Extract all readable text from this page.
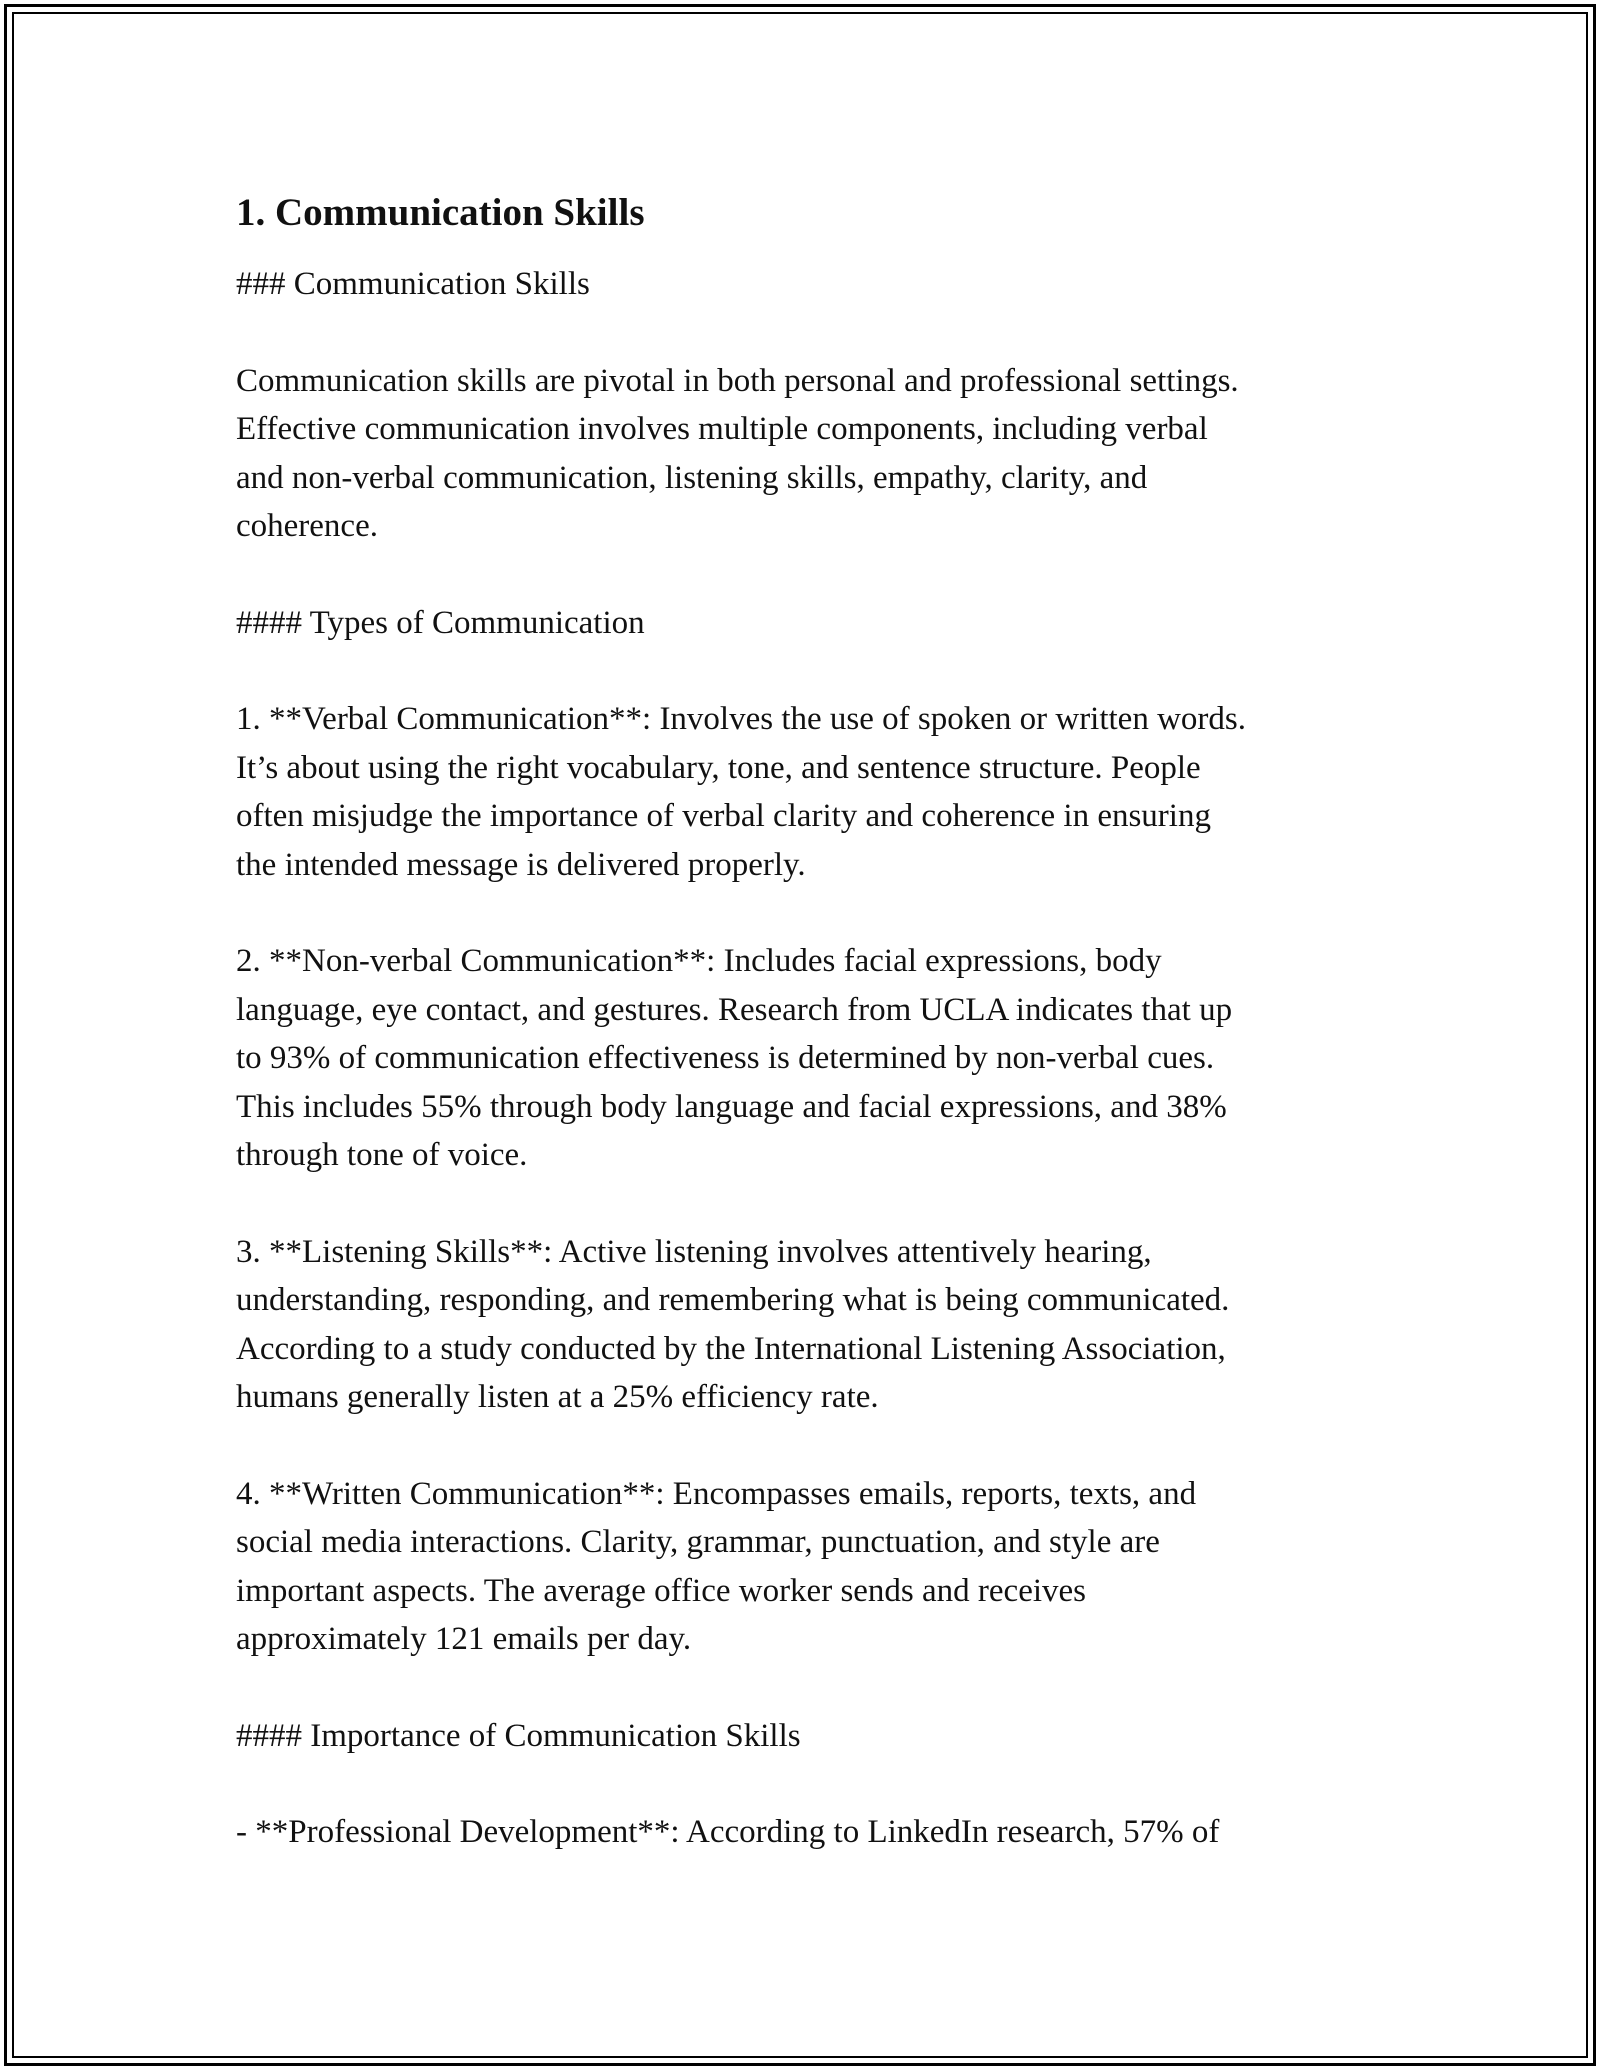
1. Communication Skills
### Communication Skills
Communication skills are pivotal in both personal and professional settings.
Effective communication involves multiple components, including verbal
and non-verbal communication, listening skills, empathy, clarity, and
coherence.
#### Types of Communication
1. **Verbal Communication**: Involves the use of spoken or written words.
It’s about using the right vocabulary, tone, and sentence structure. People
often misjudge the importance of verbal clarity and coherence in ensuring
the intended message is delivered properly.
2. **Non-verbal Communication**: Includes facial expressions, body
language, eye contact, and gestures. Research from UCLA indicates that up
to 93% of communication effectiveness is determined by non-verbal cues.
This includes 55% through body language and facial expressions, and 38%
through tone of voice.
3. **Listening Skills**: Active listening involves attentively hearing,
understanding, responding, and remembering what is being communicated.
According to a study conducted by the International Listening Association,
humans generally listen at a 25% efficiency rate.
4. **Written Communication**: Encompasses emails, reports, texts, and
social media interactions. Clarity, grammar, punctuation, and style are
important aspects. The average office worker sends and receives
approximately 121 emails per day.
#### Importance of Communication Skills
- **Professional Development**: According to LinkedIn research, 57% of
